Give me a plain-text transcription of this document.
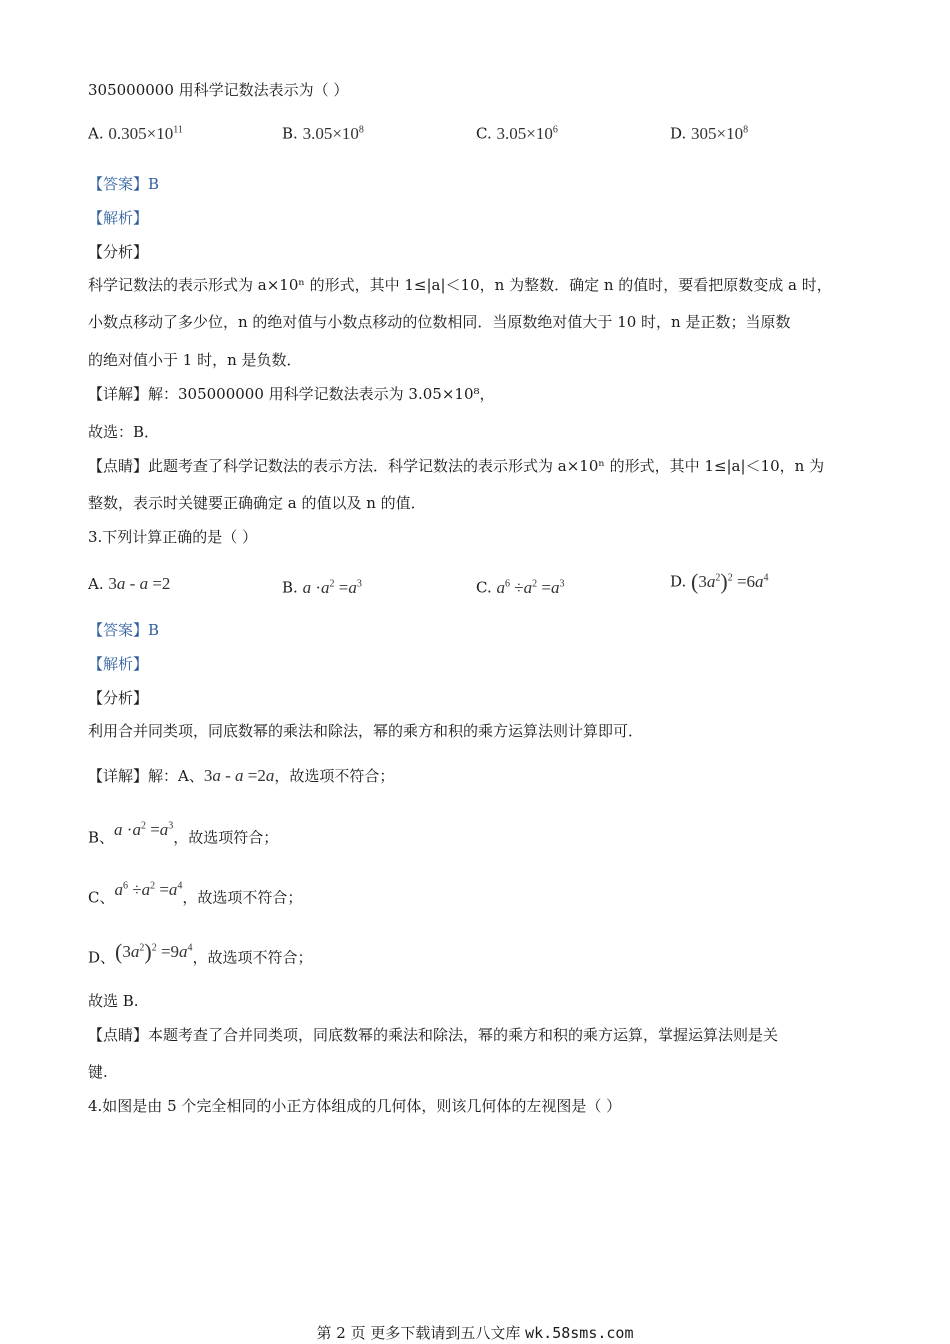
305000000 用科学记数法表示为（ ）
A. $0.305\times 10^{11}$	B. $3.05\times 10^8$	C. $3.05\times 10^6$	D. $305\times 10^8$
【答案】B
【解析】
【分析】
科学记数法的表示形式为 a×10ⁿ 的形式，其中 1≤|a|＜10，n 为整数．确定 n 的值时，要看把原数变成 a 时，
小数点移动了多少位，n 的绝对值与小数点移动的位数相同．当原数绝对值大于 10 时，n 是正数；当原数
的绝对值小于 1 时，n 是负数．
【详解】解：305000000 用科学记数法表示为 3.05×10⁸，
故选：B．
【点睛】此题考查了科学记数法的表示方法．科学记数法的表示形式为 a×10ⁿ 的形式，其中 1≤|a|＜10，n 为
整数，表示时关键要正确确定 a 的值以及 n 的值．
3.下列计算正确的是（ ）
A. 3a - a =2	B. $a \cdot a^2 =a^3$	C. $a^6 \div a^2 =a^3$	D. $(3a^2)^2 =6a^4$
【答案】B
【解析】
【分析】
利用合并同类项，同底数幂的乘法和除法，幂的乘方和积的乘方运算法则计算即可．
【详解】解：A、3a - a =2a，故选项不符合；
B、$a \cdot a^2 =a^3$，故选项符合；
C、$a^6 \div a^2 =a^4$，故选项不符合；
D、$(3a^2)^2 =9a^4$，故选项不符合；
故选 B.
【点睛】本题考查了合并同类项，同底数幂的乘法和除法，幂的乘方和积的乘方运算，掌握运算法则是关
键.
4.如图是由 5 个完全相同的小正方体组成的几何体，则该几何体的左视图是（ ）
第 2 页 更多下载请到五八文库 wk.58sms.com
